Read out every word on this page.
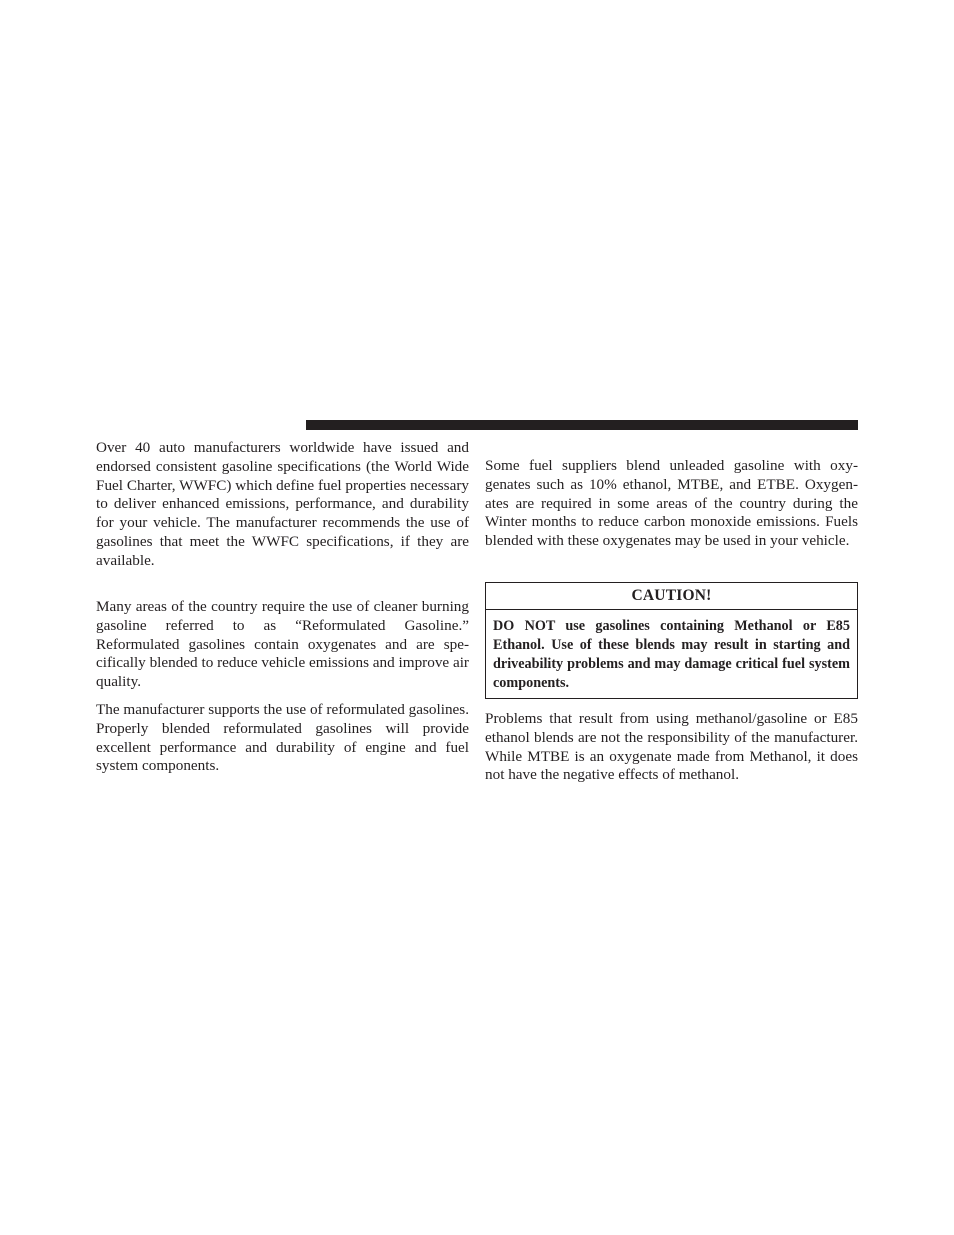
Over 40 auto manufacturers worldwide have issued and endorsed consistent gasoline specifications (the World Wide Fuel Charter, WWFC) which define fuel properties necessary to deliver enhanced emissions, performance, and durability for your vehicle. The manufacturer recommends the use of gasolines that meet the WWFC specifications, if they are available.

Many areas of the country require the use of cleaner burning gasoline referred to as “Reformulated Gasoline.” Reformulated gasolines contain oxygenates and are specifically blended to reduce vehicle emissions and improve air quality.

The manufacturer supports the use of reformulated gasolines. Properly blended reformulated gasolines will provide excellent performance and durability of engine and fuel system components.

Some fuel suppliers blend unleaded gasoline with oxygenates such as 10% ethanol, MTBE, and ETBE. Oxygenates are required in some areas of the country during the Winter months to reduce carbon monoxide emissions. Fuels blended with these oxygenates may be used in your vehicle.

CAUTION!

DO NOT use gasolines containing Methanol or E85 Ethanol. Use of these blends may result in starting and driveability problems and may damage critical fuel system components.

Problems that result from using methanol/gasoline or E85 ethanol blends are not the responsibility of the manufacturer. While MTBE is an oxygenate made from Methanol, it does not have the negative effects of methanol.
